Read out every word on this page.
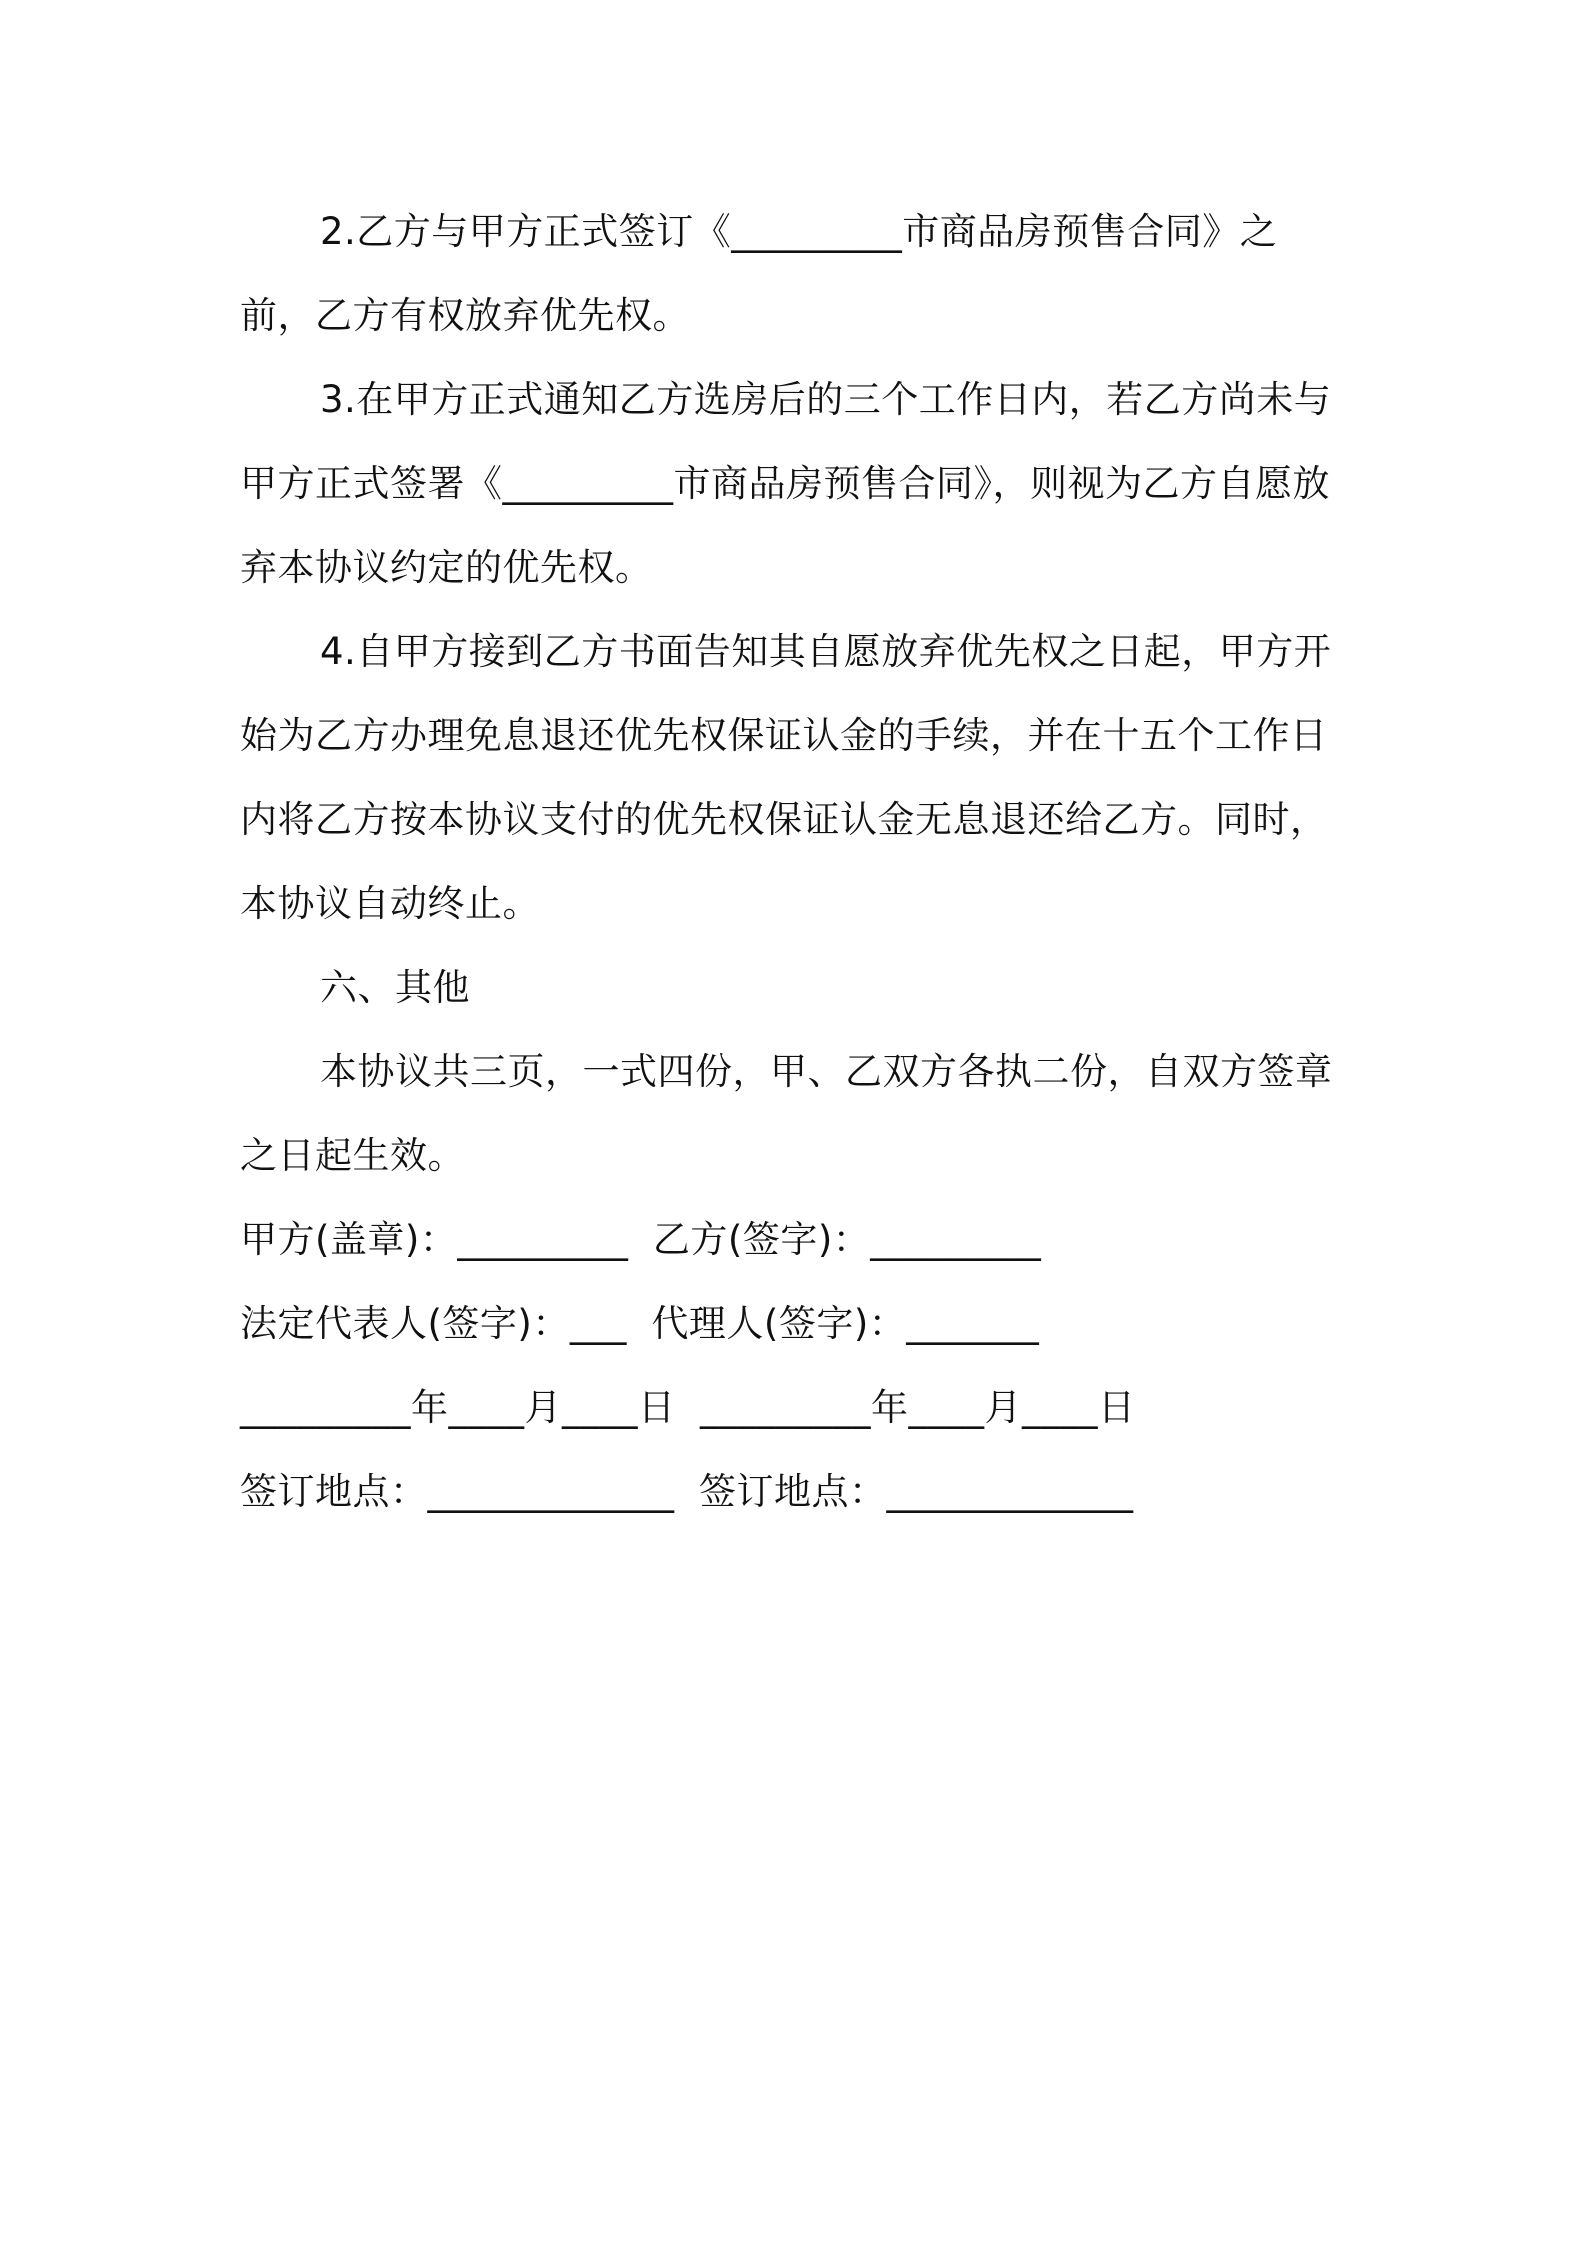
2.乙方与甲方正式签订《_________市商品房预售合同》之前，乙方有权放弃优先权。

3.在甲方正式通知乙方选房后的三个工作日内，若乙方尚未与甲方正式签署《_________市商品房预售合同》，则视为乙方自愿放弃本协议约定的优先权。

4.自甲方接到乙方书面告知其自愿放弃优先权之日起，甲方开始为乙方办理免息退还优先权保证认金的手续，并在十五个工作日内将乙方按本协议支付的优先权保证认金无息退还给乙方。同时，本协议自动终止。

六、其他

本协议共三页，一式四份，甲、乙双方各执二份，自双方签章之日起生效。

甲方(盖章)：_________  乙方(签字)：_________

法定代表人(签字)：___  代理人(签字)：_______

_________年____月____日  _________年____月____日

签订地点：_____________  签订地点：_____________
